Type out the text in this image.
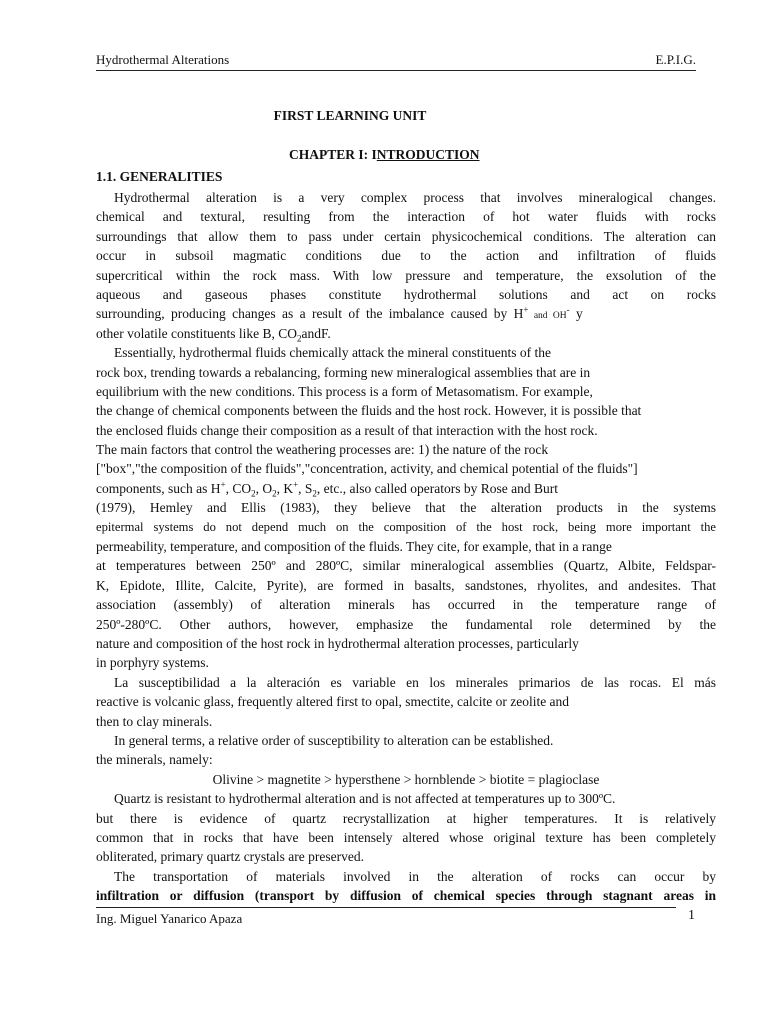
Hydrothermal Alterations	E.P.I.G.
FIRST LEARNING UNIT
CHAPTER I: INTRODUCTION
1.1. GENERALITIES
Hydrothermal alteration is a very complex process that involves mineralogical changes.
chemical and textural, resulting from the interaction of hot water fluids with rocks
surroundings that allow them to pass under certain physicochemical conditions. The alteration can
occur in subsoil magmatic conditions due to the action and infiltration of fluids
supercritical within the rock mass. With low pressure and temperature, the exsolution of the
aqueous and gaseous phases constitute hydrothermal solutions and act on rocks
surrounding, producing changes as a result of the imbalance caused by H+ and OH- y
other volatile constituents like B, $CO_2andF$.
Essentially, hydrothermal fluids chemically attack the mineral constituents of the
rock box, trending towards a rebalancing, forming new mineralogical assemblies that are in
equilibrium with the new conditions. This process is a form of Metasomatism. For example,
the change of chemical components between the fluids and the host rock. However, it is possible that
the enclosed fluids change their composition as a result of that interaction with the host rock.
The main factors that control the weathering processes are: 1) the nature of the rock
["box","the composition of the fluids","concentration, activity, and chemical potential of the fluids"]
components, such as H+, $CO_2$, $O_2$, K+, $S_2$, etc., also called operators by Rose and Burt
(1979), Hemley and Ellis (1983), they believe that the alteration products in the systems
epitermal systems do not depend much on the composition of the host rock, being more important the
permeability, temperature, and composition of the fluids. They cite, for example, that in a range
at temperatures between 250º and 280ºC, similar mineralogical assemblies (Quartz, Albite, Feldspar-
K, Epidote, Illite, Calcite, Pyrite), are formed in basalts, sandstones, rhyolites, and andesites. That
association (assembly) of alteration minerals has occurred in the temperature range of
250º-280ºC. Other authors, however, emphasize the fundamental role determined by the
nature and composition of the host rock in hydrothermal alteration processes, particularly
in porphyry systems.
La susceptibilidad a la alteración es variable en los minerales primarios de las rocas. El más
reactive is volcanic glass, frequently altered first to opal, smectite, calcite or zeolite and
then to clay minerals.
In general terms, a relative order of susceptibility to alteration can be established.
the minerals, namely:
Olivine > magnetite > hypersthene > hornblende > biotite = plagioclase
Quartz is resistant to hydrothermal alteration and is not affected at temperatures up to 300ºC.
but there is evidence of quartz recrystallization at higher temperatures. It is relatively
common that in rocks that have been intensely altered whose original texture has been completely
obliterated, primary quartz crystals are preserved.
The transportation of materials involved in the alteration of rocks can occur by
infiltration or diffusion (transport by diffusion of chemical species through stagnant areas in
Ing. Miguel Yanarico Apaza	1
